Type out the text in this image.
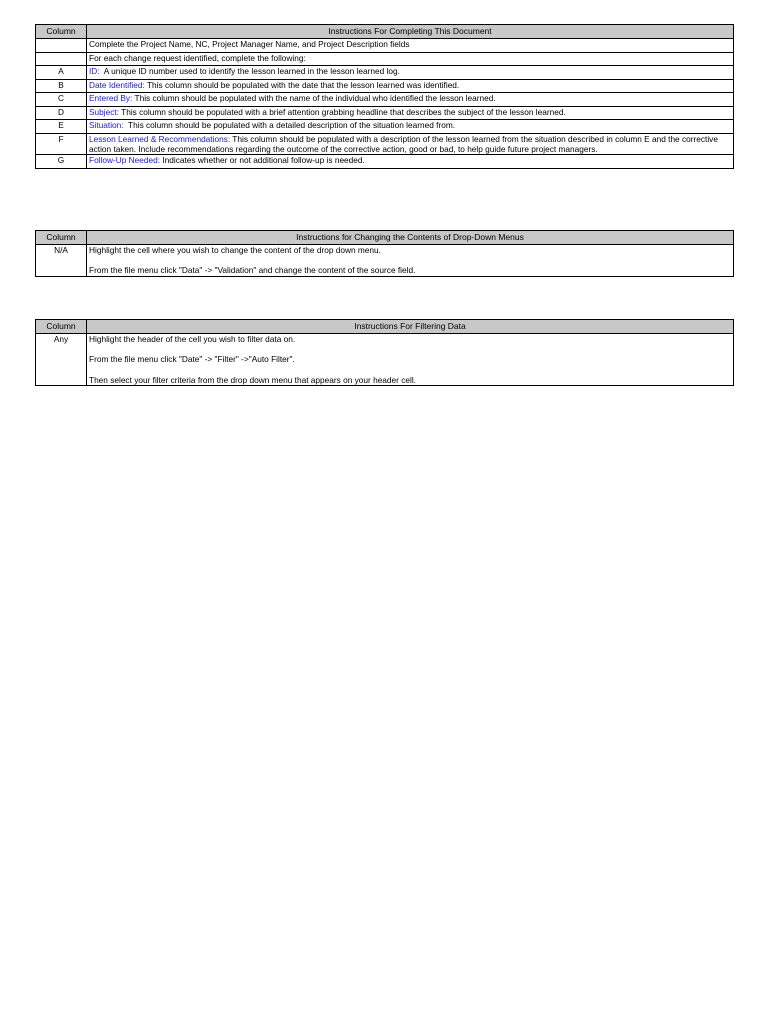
Column	Instructions For Completing This Document
	Complete the Project Name, NC, Project Manager Name, and Project Description fields
	For each change request identified, complete the following:
A	ID:  A unique ID number used to identify the lesson learned in the lesson learned log.
B	Date Identified: This column should be populated with the date that the lesson learned was identified.
C	Entered By: This column should be populated with the name of the individual who identified the lesson learned.
D	Subject: This column should be populated with a brief attention grabbing headline that describes the subject of the lesson learned.
E	Situation:  This column should be populated with a detailed description of the situation learned from.
F	Lesson Learned & Recommendations: This column should be populated with a description of the lesson learned from the situation described in column E and the corrective action taken. Include recommendations regarding the outcome of the corrective action, good or bad, to help guide future project managers.
G	Follow-Up Needed: Indicates whether or not additional follow-up is needed.
Column	Instructions for Changing the Contents of Drop-Down Menus
N/A	Highlight the cell where you wish to change the content of the drop down menu.

From the file menu click "Data" -> "Validation" and change the content of the source field.

Column	Instructions For Filtering Data
Any	Highlight the header of the cell you wish to filter data on.

From the file menu click "Date" -> "Filter" ->"Auto Filter".

Then select your filter criteria from the drop down menu that appears on your header cell.
